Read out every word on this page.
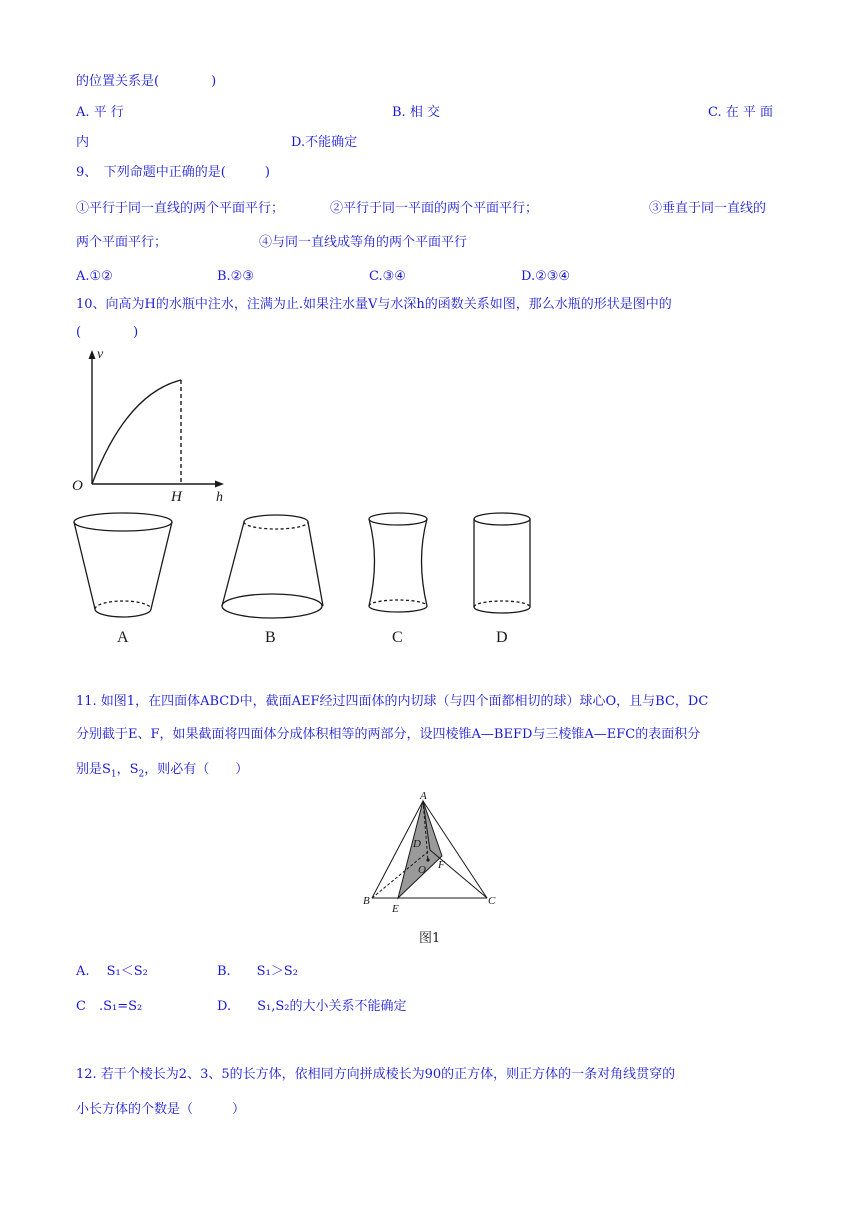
的位置关系是(　　　　)
A. 平 行	B. 相 交	C. 在 平 面
内	D.不能确定
9、　下列命题中正确的是(　　　)
①平行于同一直线的两个平面平行；	②平行于同一平面的两个平面平行；	③垂直于同一直线的
两个平面平行；	④与同一直线成等角的两个平面平行
A.①②	B.②③	C.③④	D.②③④
10、向高为H的水瓶中注水，注满为止.如果注水量V与水深h的函数关系如图，那么水瓶的形状是图中的
(　　　　)
v
O
H h
A	B	C	D
11. 如图1，在四面体ABCD中，截面AEF经过四面体的内切球（与四个面都相切的球）球心O，且与BC，DC
分别截于E、F，如果截面将四面体分成体积相等的两部分，设四棱锥A—BEFD与三棱锥A—EFC的表面积分
别是$S_1$，$S_2$，则必有（　　）
A
B	C
D
E
F
O
图1
A.　 S₁＜S₂	B.　　S₁＞S₂
C　.S₁=S₂	D.　　S₁,S₂的大小关系不能确定
12. 若干个棱长为2、3、5的长方体，依相同方向拼成棱长为90的正方体，则正方体的一条对角线贯穿的
小长方体的个数是（　　　）
